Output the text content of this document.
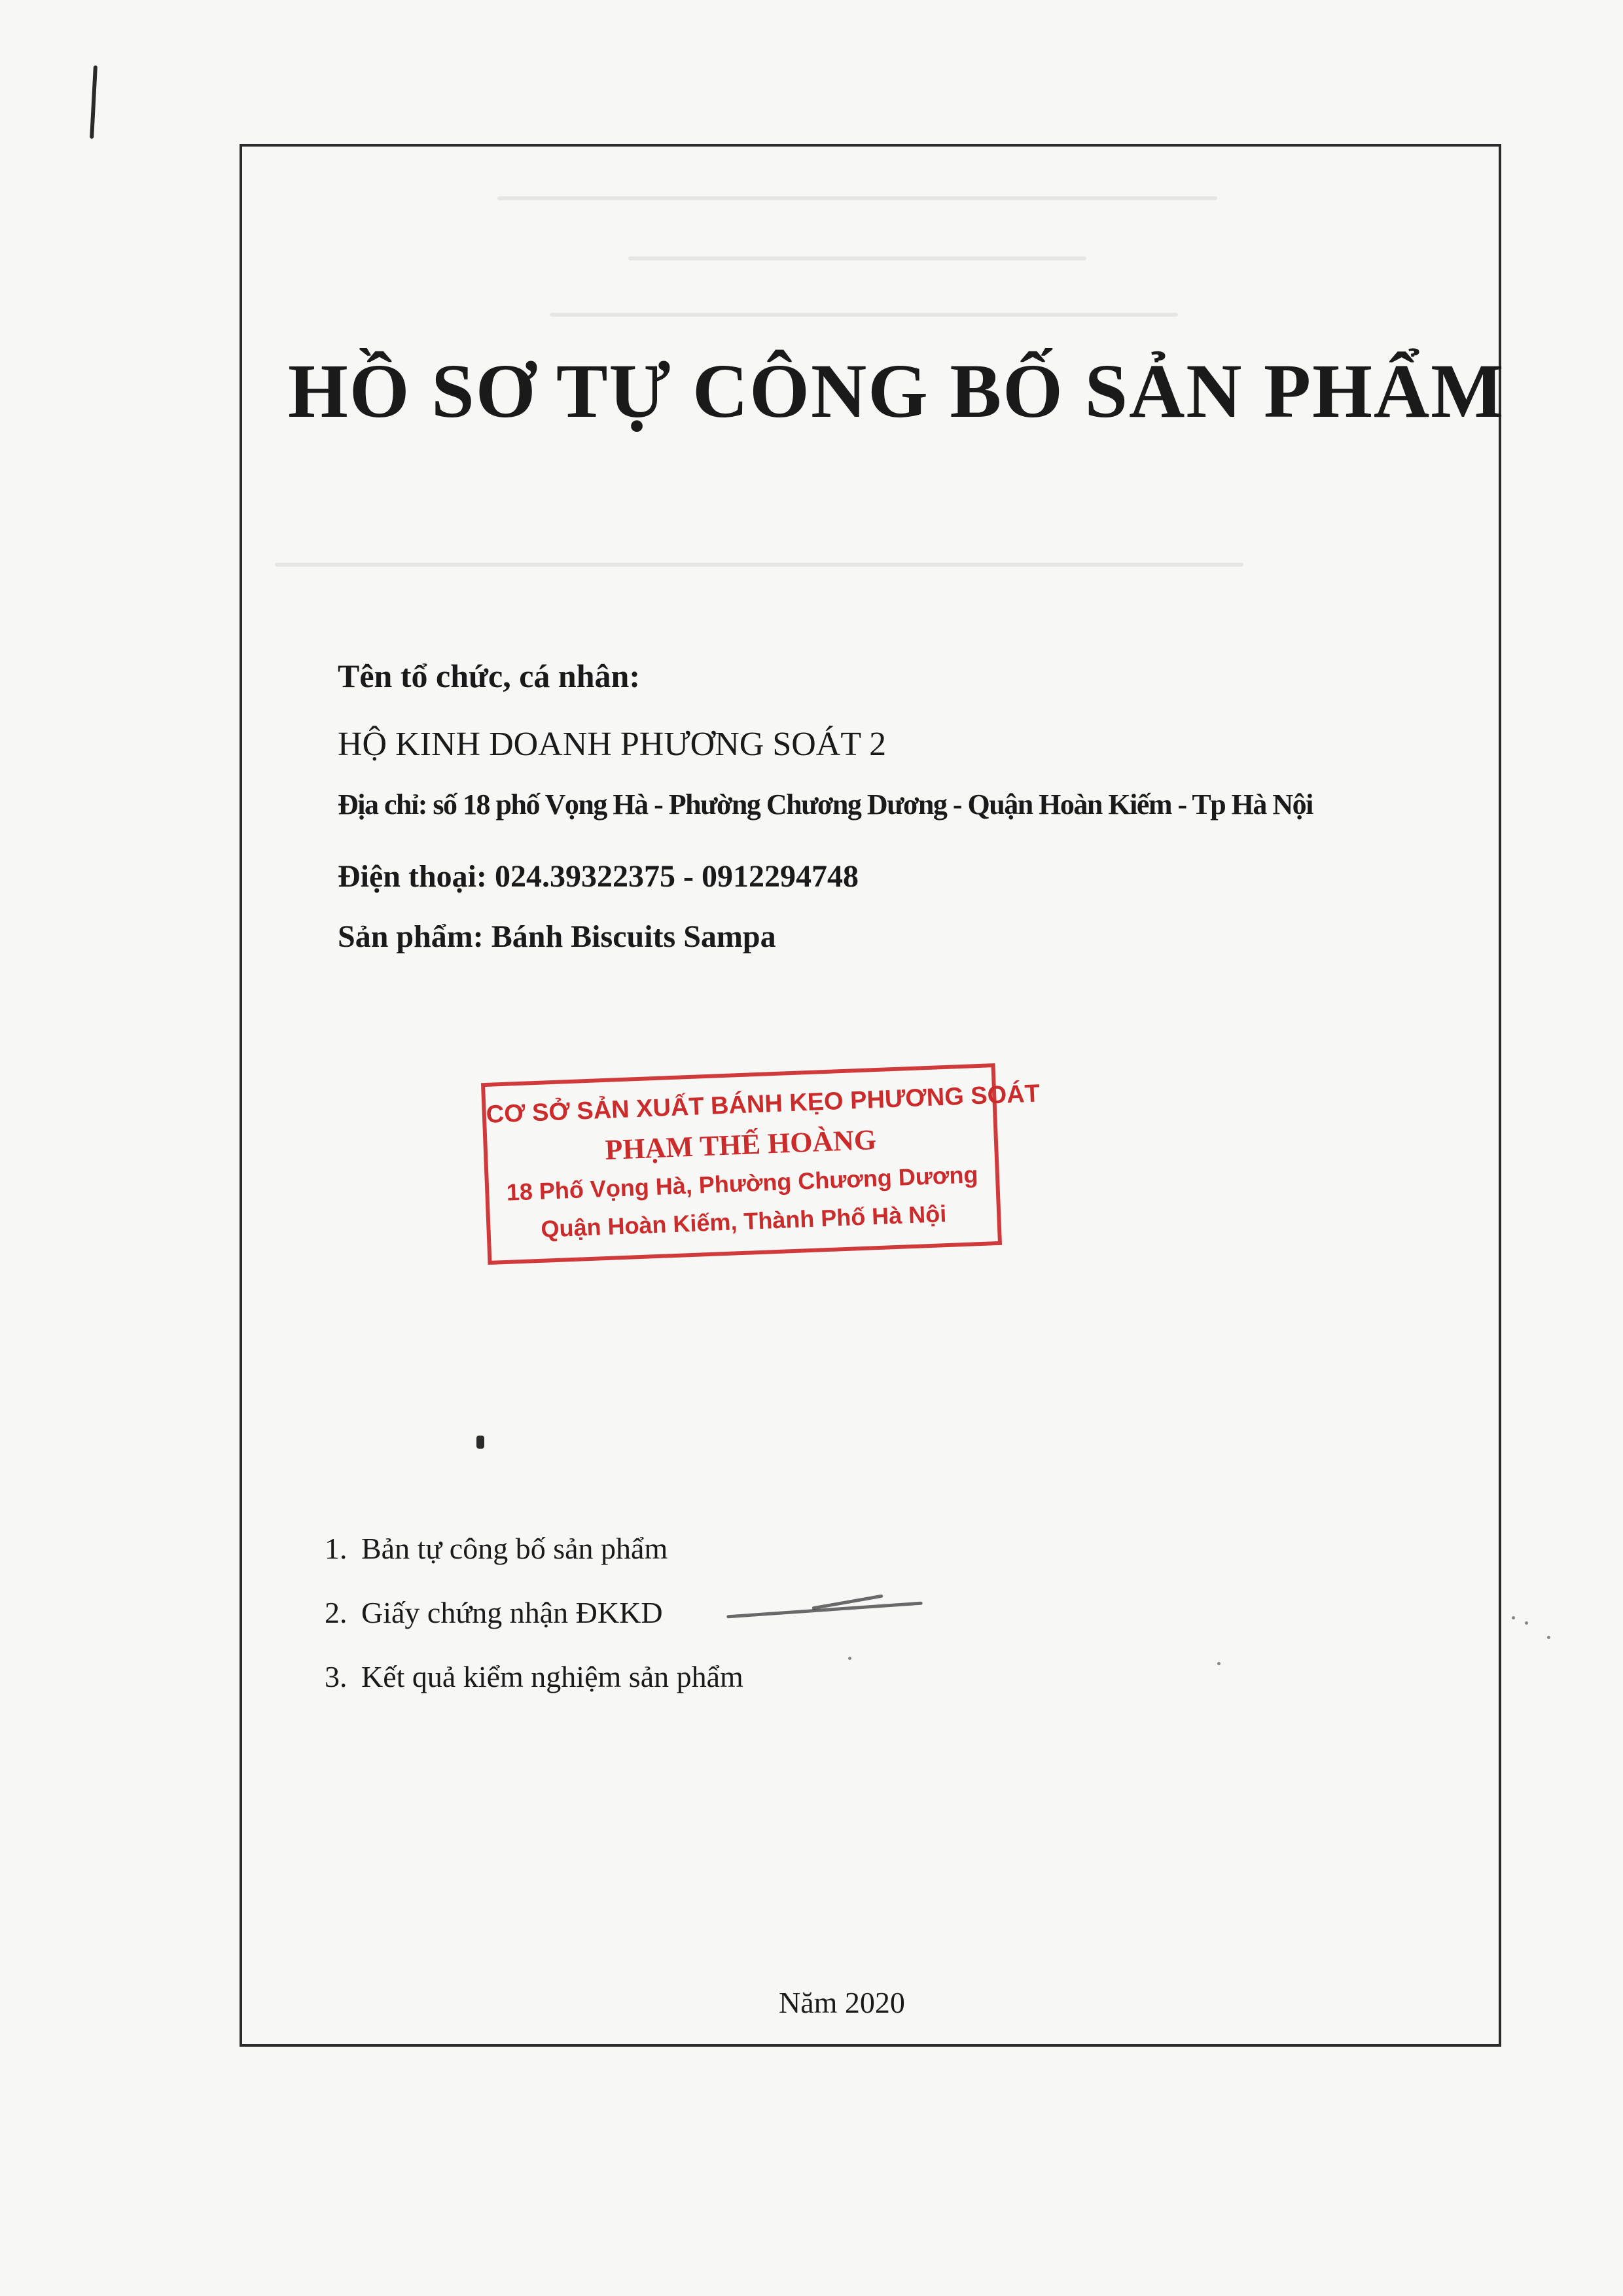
HỒ SƠ TỰ CÔNG BỐ SẢN PHẨM
Tên tổ chức, cá nhân:
HỘ KINH DOANH PHƯƠNG SOÁT 2
Địa chỉ: số 18 phố Vọng Hà - Phường Chương Dương - Quận Hoàn Kiếm - Tp Hà Nội
Điện thoại: 024.39322375 - 0912294748
Sản phẩm: Bánh Biscuits Sampa
CƠ SỞ SẢN XUẤT BÁNH KẸO PHƯƠNG SOÁT
PHẠM THẾ HOÀNG
18 Phố Vọng Hà, Phường Chương Dương
Quận Hoàn Kiếm, Thành Phố Hà Nội
1. Bản tự công bố sản phẩm
2. Giấy chứng nhận ĐKKD
3. Kết quả kiểm nghiệm sản phẩm
Năm 2020
